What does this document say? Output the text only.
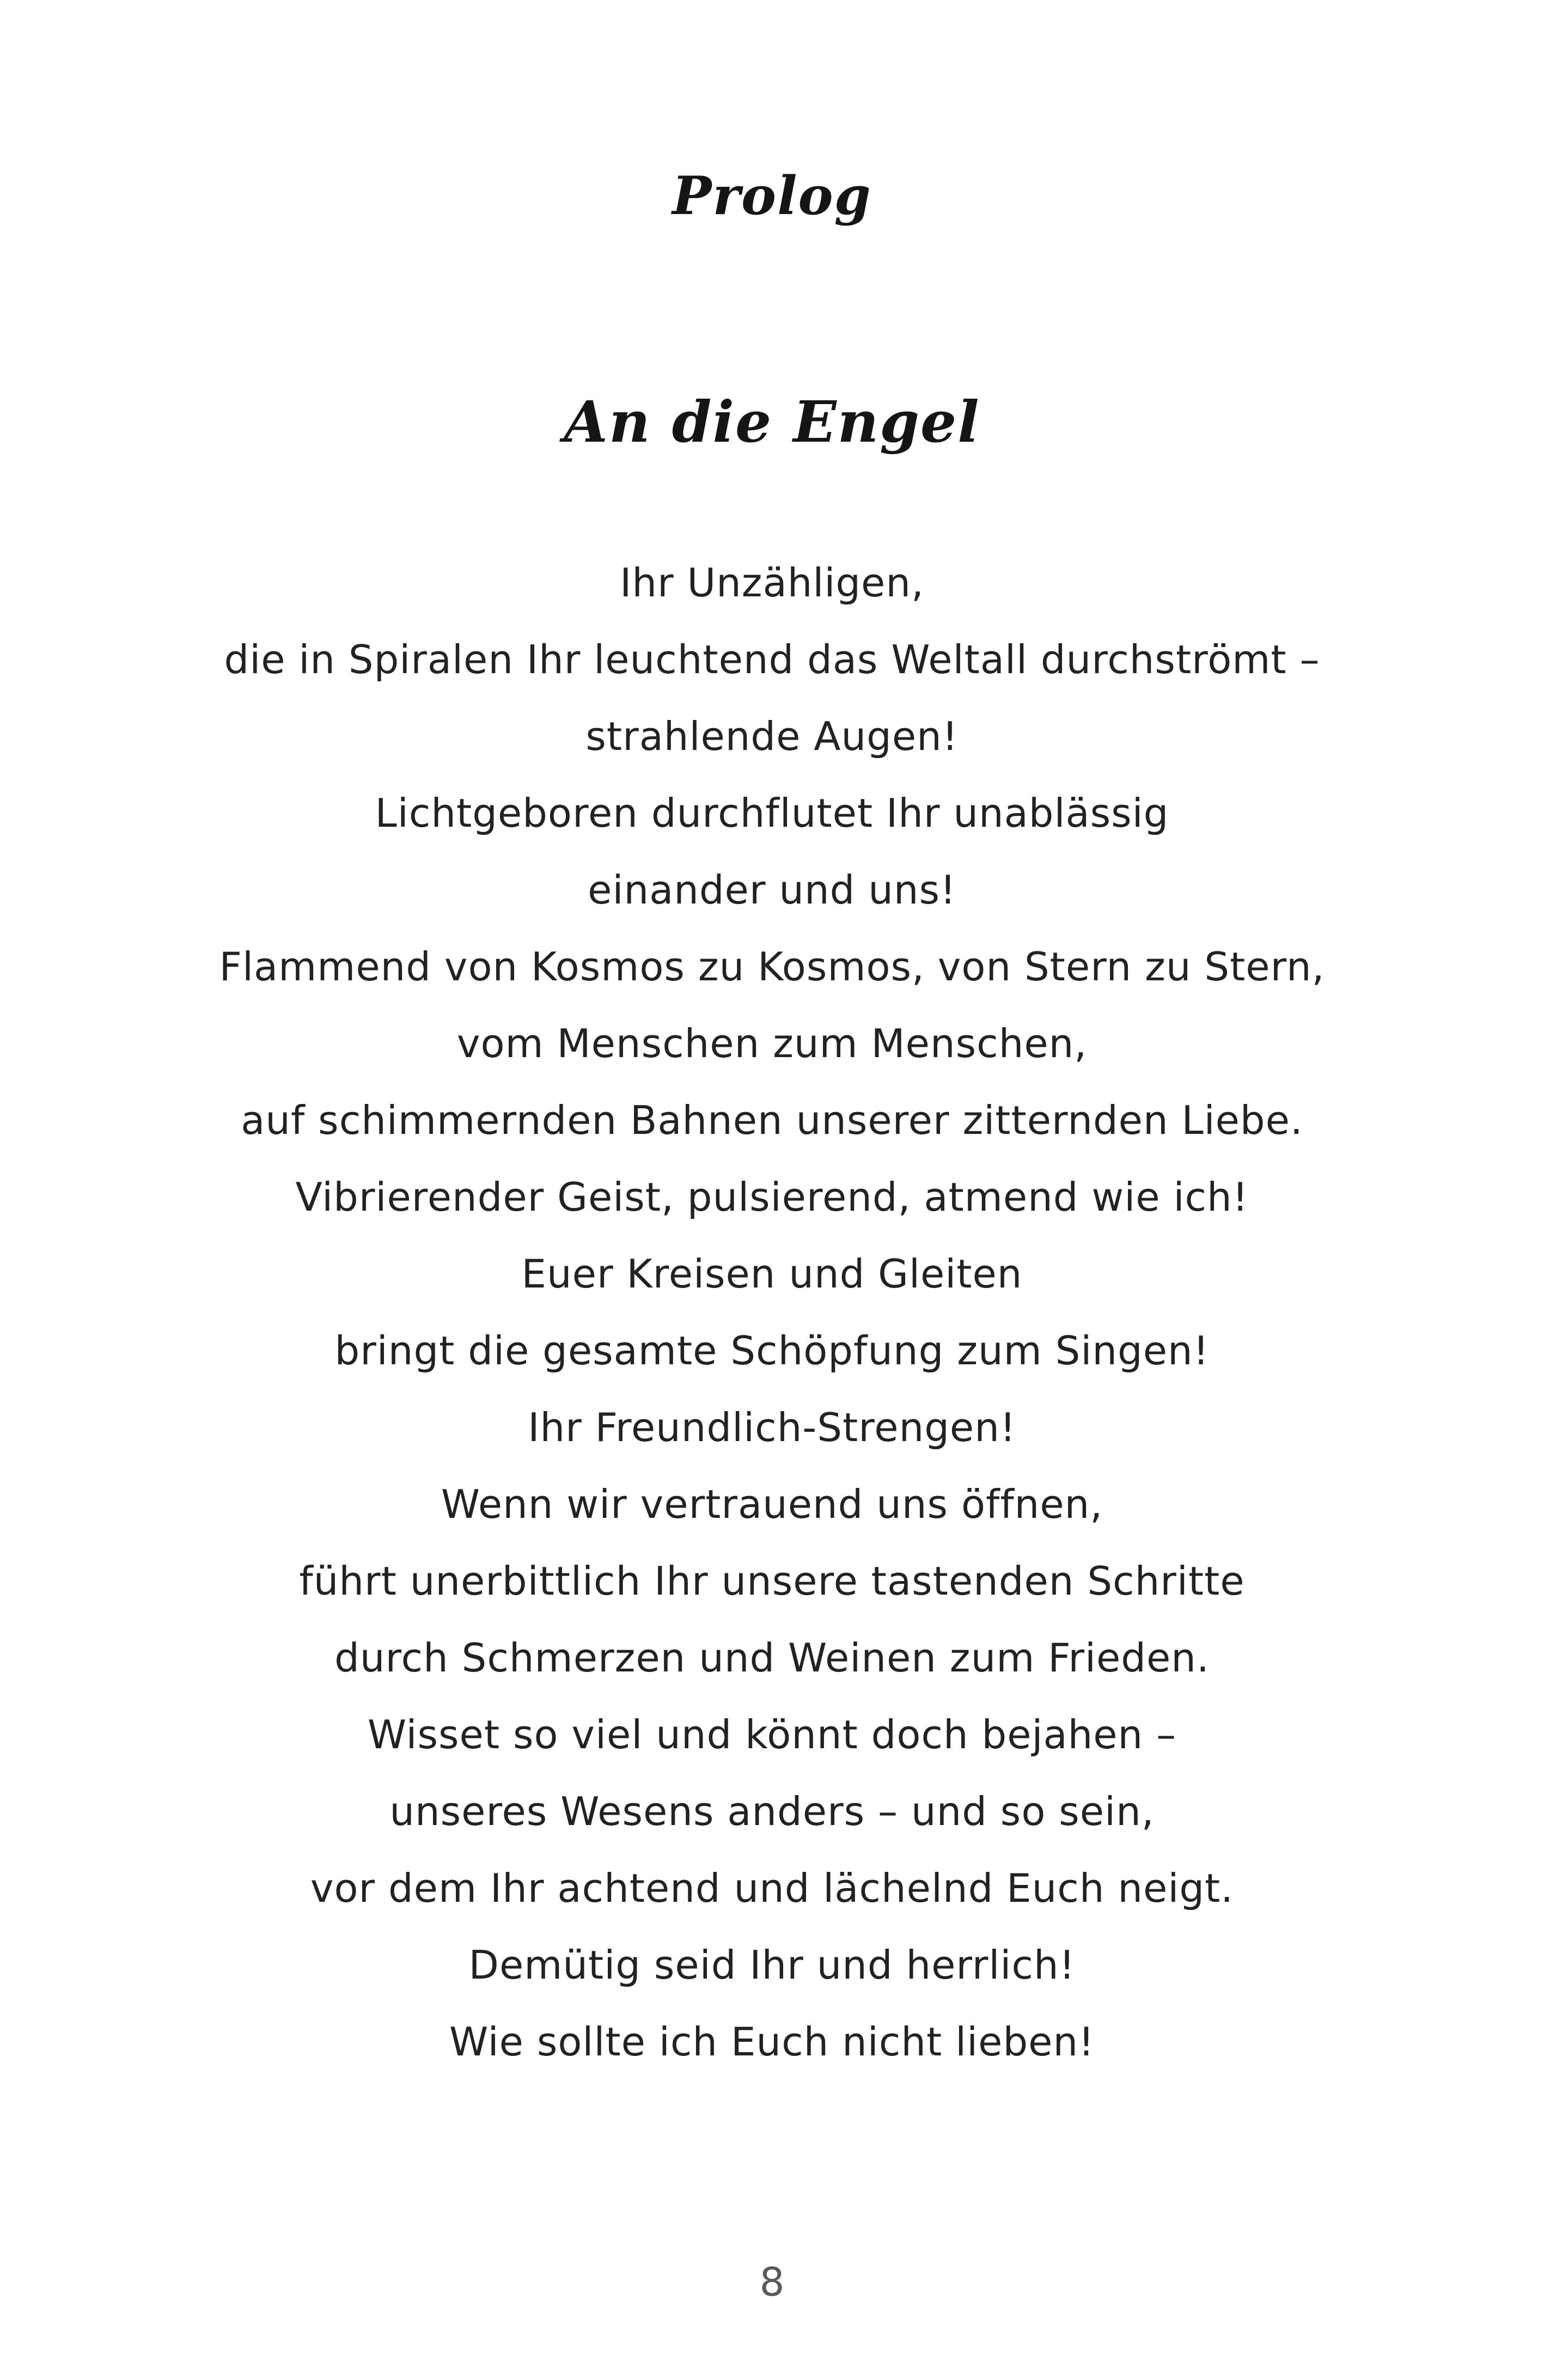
Prolog
An die Engel
Ihr Unzähligen,
die in Spiralen Ihr leuchtend das Weltall durchströmt –
strahlende Augen!
Lichtgeboren durchflutet Ihr unablässig
einander und uns!
Flammend von Kosmos zu Kosmos, von Stern zu Stern,
vom Menschen zum Menschen,
auf schimmernden Bahnen unserer zitternden Liebe.
Vibrierender Geist, pulsierend, atmend wie ich!
Euer Kreisen und Gleiten
bringt die gesamte Schöpfung zum Singen!
Ihr Freundlich-Strengen!
Wenn wir vertrauend uns öffnen,
führt unerbittlich Ihr unsere tastenden Schritte
durch Schmerzen und Weinen zum Frieden.
Wisset so viel und könnt doch bejahen –
unseres Wesens anders – und so sein,
vor dem Ihr achtend und lächelnd Euch neigt.
Demütig seid Ihr und herrlich!
Wie sollte ich Euch nicht lieben!
8
